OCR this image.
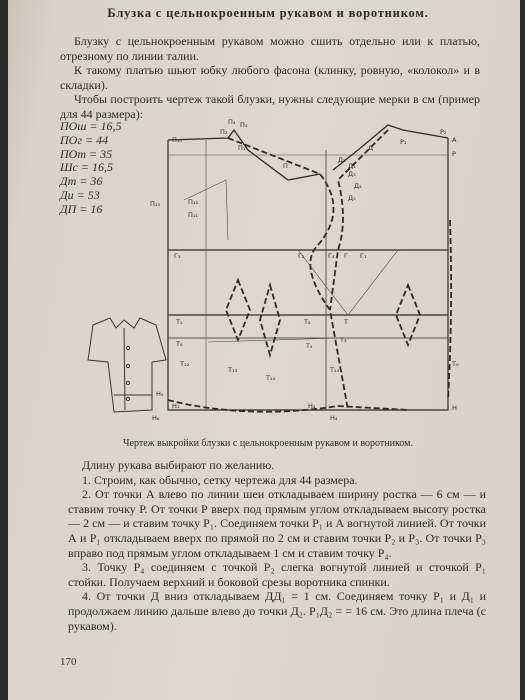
Блузка с цельнокроенным рукавом и воротником.

Блузку с цельнокроенным рукавом можно сшить отдельно или к платью, отрезному по линии талии.

К такому платью шьют юбку любого фасона (клинку, ровную, «колокол» и в складки).

Чтобы построить чертеж такой блузки, нужны следующие мерки в см (пример для 44 размера):

П₃ П₄
П₂
П₁₀
П₁
П
П₁₃	П₁₂
П₁₁
Р₂
А
Р₁
Р
Д
Д₂
Д₁
Д₃
Д₄
Д₅
Г₃	Г₂	Г₄ Г Г₁
Т₁	Т₂	Т
Т₃
Т₆
Т₁₂
Т₁₃
Т₁₄
Т₄
Т₁₀
Т₉
Н₅
Н₁
Н₆
Н₂
Н₄
Н
ПОш = 16,5
ПОг = 44
ПОт = 35
Шс = 16,5
Дт = 36
Ди = 53
ДП = 16
Чертеж выкройки блузки с цельнокроенным рукавом и воротником.

Длину рукава выбирают по желанию.

1. Строим, как обычно, сетку чертежа для 44 размера.

2. От точки А влево по линии шеи откладываем ширину ростка — 6 см — и ставим точку Р. От точки Р вверх под прямым углом откладываем высоту ростка — 2 см — и ставим точку Р₁. Соединяем точки Р₁ и А вогнутой линией. От точки А и Р₁ откладываем вверх по прямой по 2 см и ставим точки Р₂ и Р₃. От точки Р₃ вправо под прямым углом откладываем 1 см и ставим точку Р₄.

3. Точку Р₄ соединяем с точкой Р₂ слегка вогнутой линией и сточкой Р₁ стойки. Получаем верхний и боковой срезы воротника спинки.

4. От точки Д вниз откладываем ДД₁ = 1 см. Соединяем точку Р₁ и Д₁ и продолжаем линию дальше влево до точки Д₂. Р₁Д₂ = = 16 см. Это длина плеча (с рукавом).

170
